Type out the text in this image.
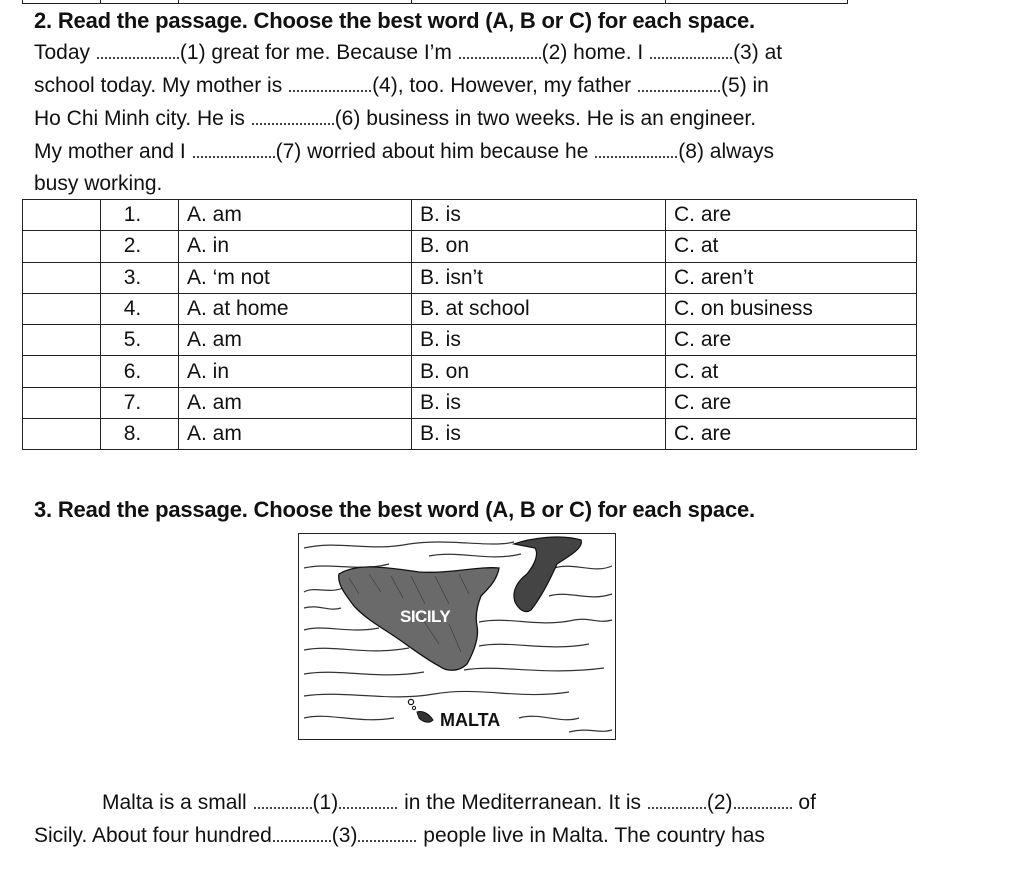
2. Read the passage. Choose the best word (A, B or C) for each space.
Today	(1) great for me. Because I’m	(2) home. I	(3) at
school today. My mother is	(4), too. However, my father	(5) in
Ho Chi Minh city. He is	(6) business in two weeks. He is an engineer.
My mother and I	(7) worried about him because he	(8) always
busy working.
	1.	A. am	B. is	C. are
	2.	A. in	B. on	C. at
	3.	A. ‘m not	B. isn’t	C. aren’t
	4.	A. at home	B. at school	C. on business
	5.	A. am	B. is	C. are
	6.	A. in	B. on	C. at
	7.	A. am	B. is	C. are
	8.	A. am	B. is	C. are
3. Read the passage. Choose the best word (A, B or C) for each space.
SICILY
MALTA
Malta is a small	(1)	in the Mediterranean. It is	(2)	of
Sicily. About four hundred	(3)	people live in Malta. The country has
